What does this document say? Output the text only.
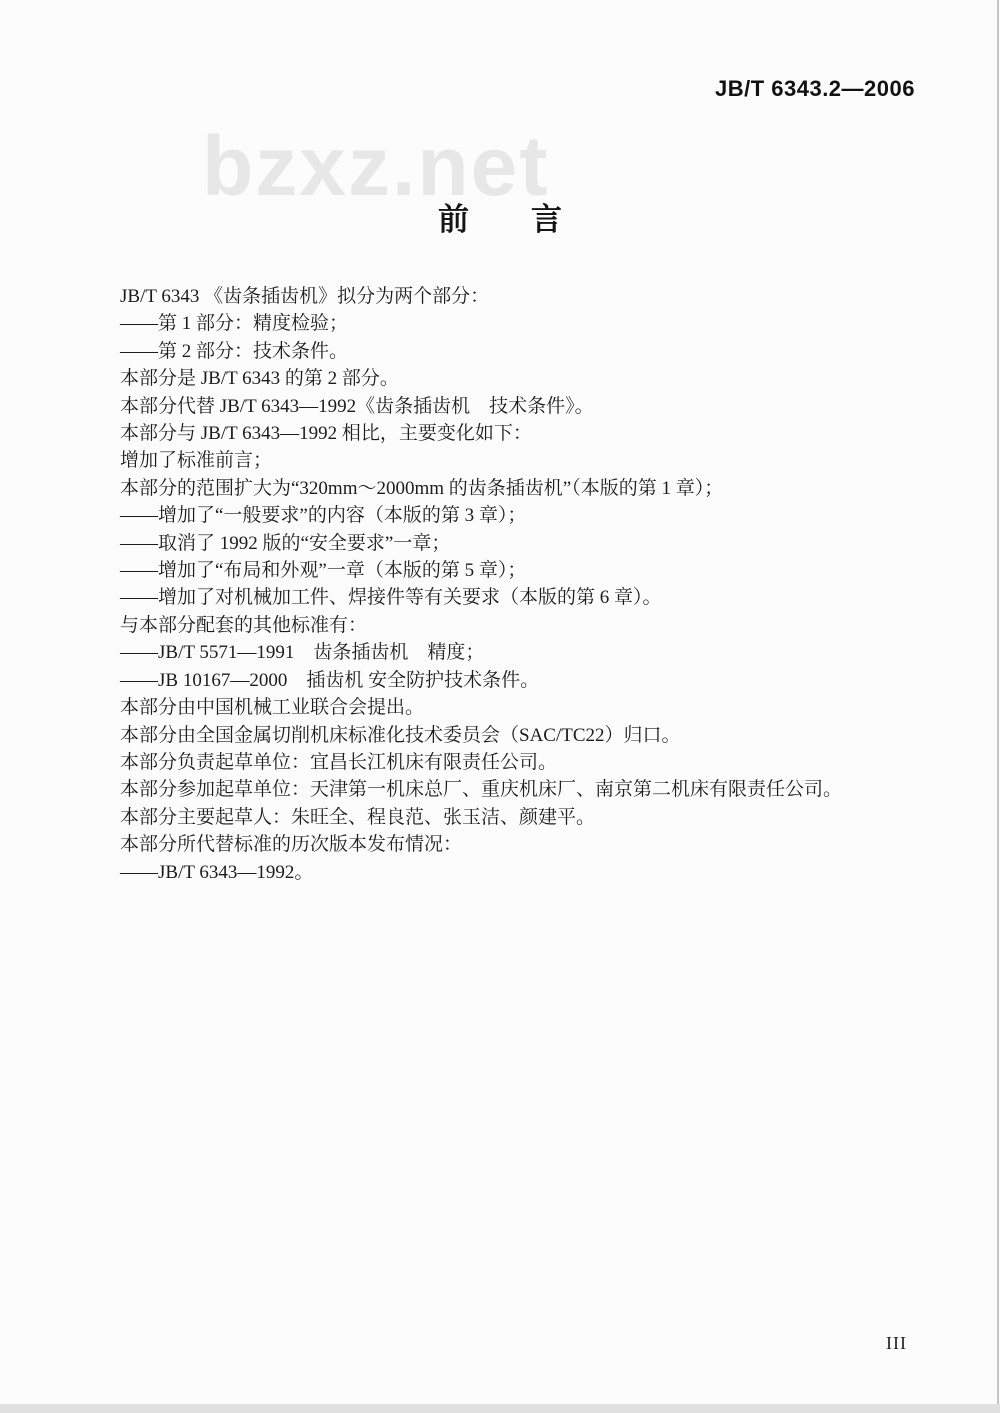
bzxz.net
JB/T 6343.2—2006
前　　言
JB/T 6343 《齿条插齿机》拟分为两个部分：
——第 1 部分：精度检验；
——第 2 部分：技术条件。
本部分是 JB/T 6343 的第 2 部分。
本部分代替 JB/T 6343—1992《齿条插齿机　技术条件》。
本部分与 JB/T 6343—1992 相比，主要变化如下：
增加了标准前言；
本部分的范围扩大为“320mm～2000mm 的齿条插齿机”（本版的第 1 章）；
——增加了“一般要求”的内容（本版的第 3 章）；
——取消了 1992 版的“安全要求”一章；
——增加了“布局和外观”一章（本版的第 5 章）；
——增加了对机械加工件、焊接件等有关要求（本版的第 6 章）。
与本部分配套的其他标准有：
——JB/T 5571—1991　齿条插齿机　精度；
——JB 10167—2000　插齿机 安全防护技术条件。
本部分由中国机械工业联合会提出。
本部分由全国金属切削机床标准化技术委员会（SAC/TC22）归口。
本部分负责起草单位：宜昌长江机床有限责任公司。
本部分参加起草单位：天津第一机床总厂、重庆机床厂、南京第二机床有限责任公司。
本部分主要起草人：朱旺全、程良范、张玉洁、颜建平。
本部分所代替标准的历次版本发布情况：
——JB/T 6343—1992。
III
